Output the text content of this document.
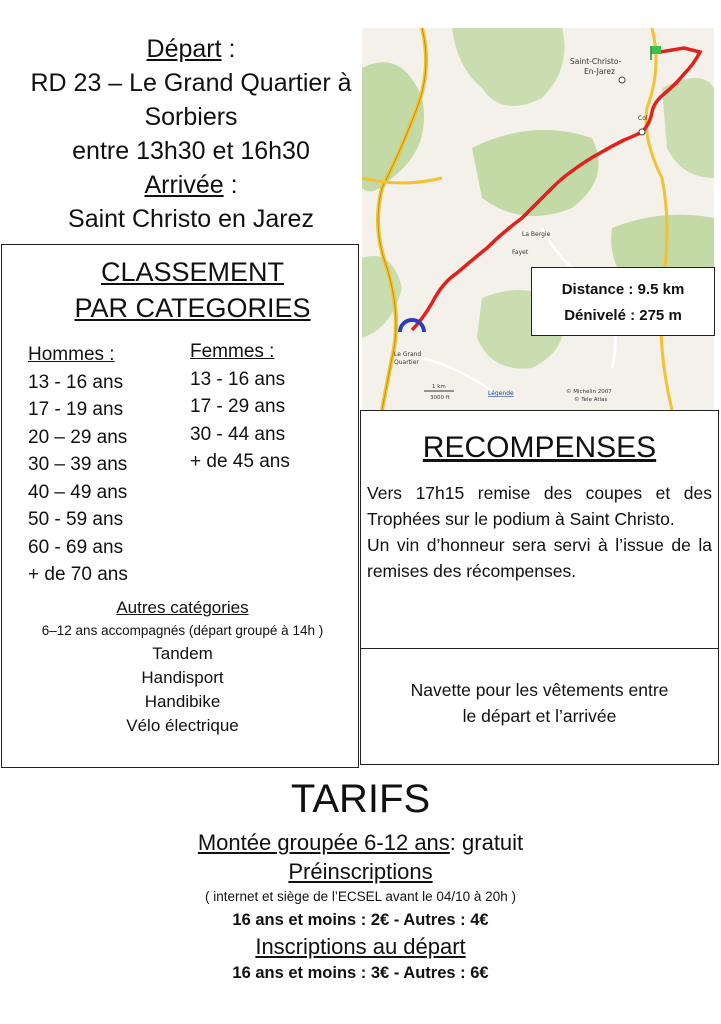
Départ :
RD 23 – Le Grand Quartier à
Sorbiers
entre 13h30 et 16h30
Arrivée :
Saint Christo en Jarez
Saint-Christo-
En-Jarez
Col
La Bergie
Fayet
Le Grand
Quartier
1 km
3000 ft
Légende	© Michelin 2007
© Tele Atlas
Distance : 9.5 km
Dénivelé : 275 m
CLASSEMENT
PAR CATEGORIES
Hommes :
13 - 16 ans
17 - 19 ans
20 – 29 ans
30 – 39 ans
40 – 49 ans
50 - 59 ans
60 - 69 ans
+ de 70 ans
Femmes :
13 - 16 ans
17 - 29 ans
30 - 44 ans
+ de 45 ans
Autres catégories
6–12 ans accompagnés (départ groupé à 14h )
Tandem
Handisport
Handibike
Vélo électrique
RECOMPENSES

Vers 17h15 remise des coupes et des Trophées sur le podium à Saint Christo.

Un vin d’honneur sera servi à l’issue de la remises des récompenses.

Navette pour les vêtements entre
le départ et l’arrivée
TARIFS
Montée groupée 6-12 ans: gratuit
Préinscriptions
( internet et siège de l’ECSEL avant le 04/10 à 20h )
16 ans et moins : 2€ - Autres : 4€
Inscriptions au départ
16 ans et moins : 3€ - Autres : 6€
